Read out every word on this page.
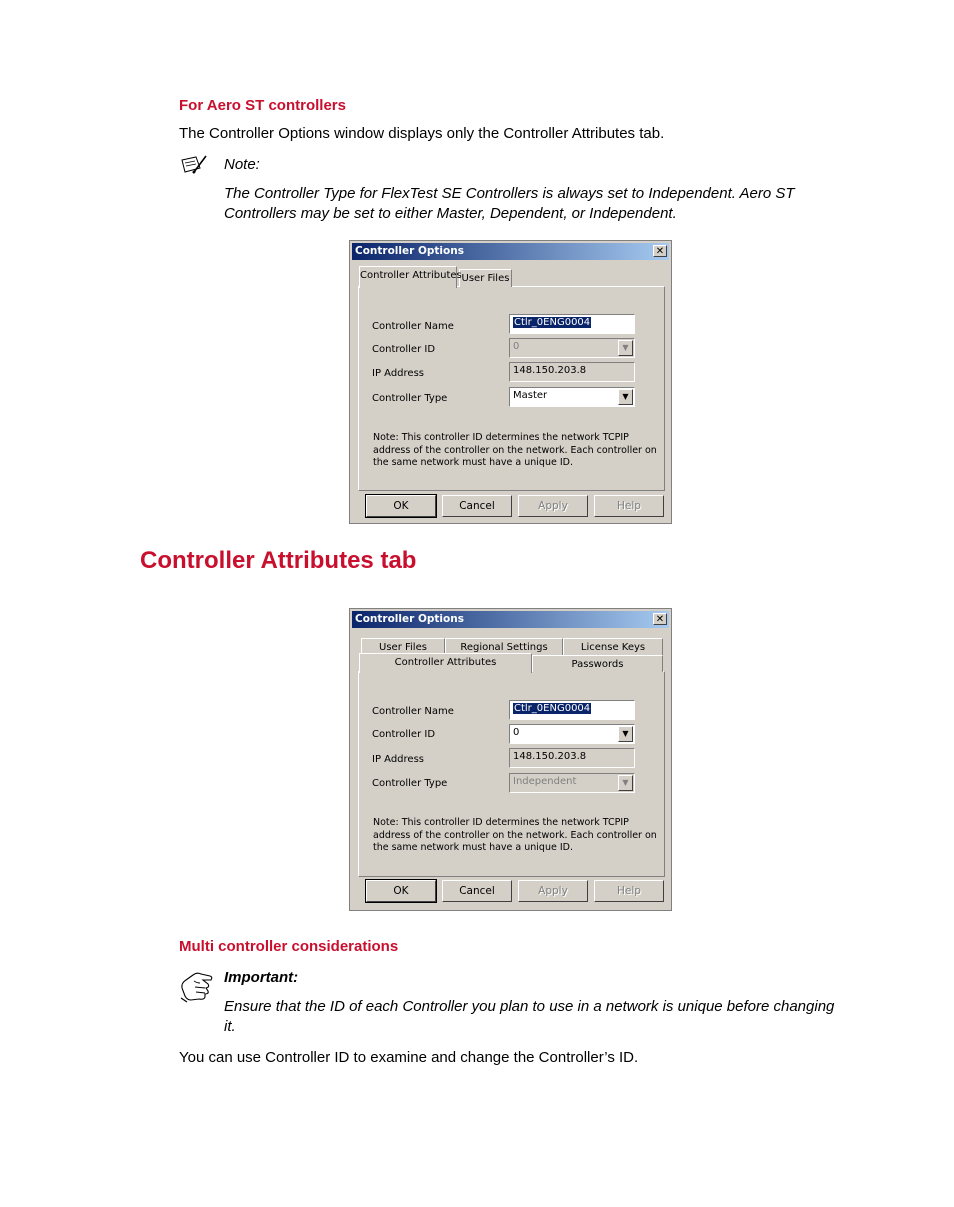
For Aero ST controllers
The Controller Options window displays only the Controller Attributes tab.
Note:
The Controller Type for FlexTest SE Controllers is always set to Independent. Aero ST
Controllers may be set to either Master, Dependent, or Independent.
Controller Options	✕
Controller Attributes User Files
Controller Name	Ctlr_0ENG0004
Controller ID	0	▼
IP Address	148.150.203.8
Controller Type	Master	▼
Note: This controller ID determines the network TCPIP
address of the controller on the network. Each controller on
the same network must have a unique ID.
OK	Cancel	Apply	Help
Controller Attributes tab
Controller Options	✕
User Files	Regional Settings	License Keys
Controller Attributes	Passwords
Controller Name	Ctlr_0ENG0004
Controller ID	0	▼
IP Address	148.150.203.8
Controller Type	Independent	▼
Note: This controller ID determines the network TCPIP
address of the controller on the network. Each controller on
the same network must have a unique ID.
OK	Cancel	Apply	Help
Multi controller considerations
Important:
Ensure that the ID of each Controller you plan to use in a network is unique before changing
it.
You can use Controller ID to examine and change the Controller’s ID.
